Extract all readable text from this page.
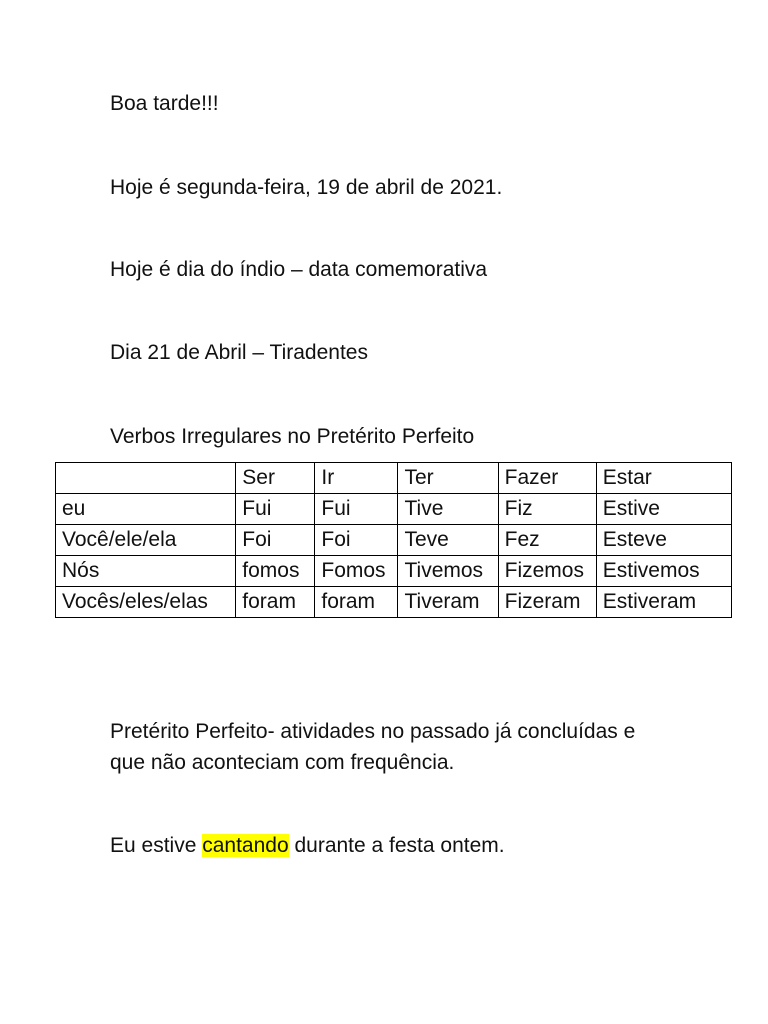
Boa tarde!!!
Hoje é segunda-feira, 19 de abril de 2021.
Hoje é dia do índio – data comemorativa
Dia 21 de Abril – Tiradentes
Verbos Irregulares no Pretérito Perfeito
	Ser	Ir	Ter	Fazer	Estar
eu	Fui	Fui	Tive	Fiz	Estive
Você/ele/ela	Foi	Foi	Teve	Fez	Esteve
Nós	fomos	Fomos	Tivemos	Fizemos	Estivemos
Vocês/eles/elas	foram	foram	Tiveram	Fizeram	Estiveram
Pretérito Perfeito- atividades no passado já concluídas e que não aconteciam com frequência.
Eu estive cantando durante a festa ontem.
